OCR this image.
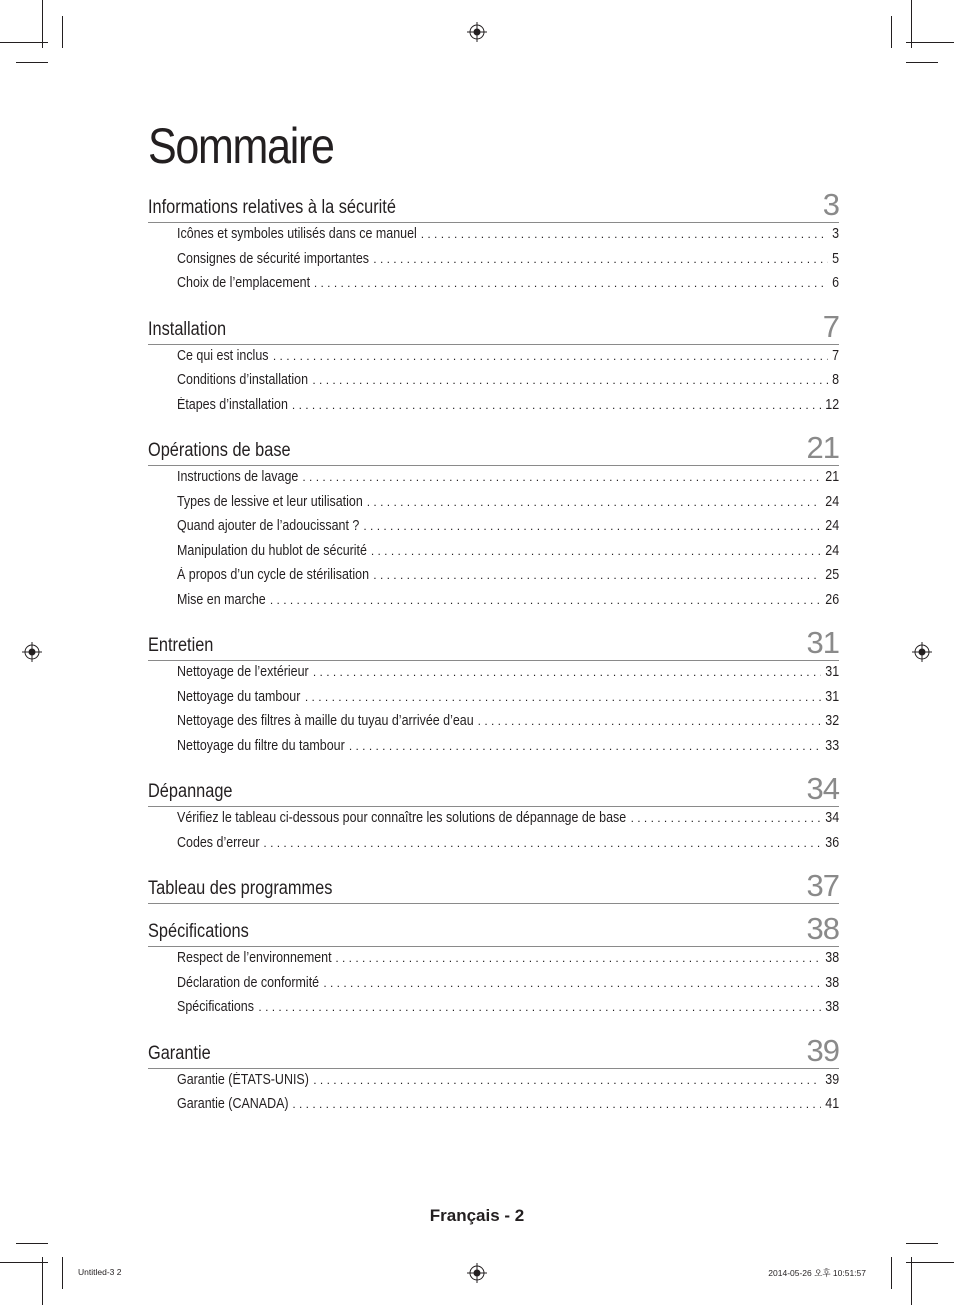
Sommaire
Informations relatives à la sécurité	3
Icônes et symboles utilisés dans ce manuel . . .	3
Consignes de sécurité importantes . . .	5
Choix de l’emplacement . . .	6
Installation	7
Ce qui est inclus . . .	7
Conditions d’installation . . .	8
Étapes d’installation . . .	12
Opérations de base	21
Instructions de lavage . . .	21
Types de lessive et leur utilisation . . .	24
Quand ajouter de l’adoucissant ? . . .	24
Manipulation du hublot de sécurité . . .	24
À propos d’un cycle de stérilisation . . .	25
Mise en marche . . .	26
Entretien	31
Nettoyage de l’extérieur . . .	31
Nettoyage du tambour . . .	31
Nettoyage des filtres à maille du tuyau d’arrivée d’eau . . .	32
Nettoyage du filtre du tambour . . .	33
Dépannage	34
Vérifiez le tableau ci-dessous pour connaître les solutions de dépannage de base . . .	34
Codes d’erreur . . .	36
Tableau des programmes	37
Spécifications	38
Respect de l’environnement . . .	38
Déclaration de conformité . . .	38
Spécifications . . .	38
Garantie	39
Garantie (ÉTATS-UNIS) . . .	39
Garantie (CANADA) . . .	41
Français - 2
Untitled-3 2	2014-05-26 오후 10:51:57
